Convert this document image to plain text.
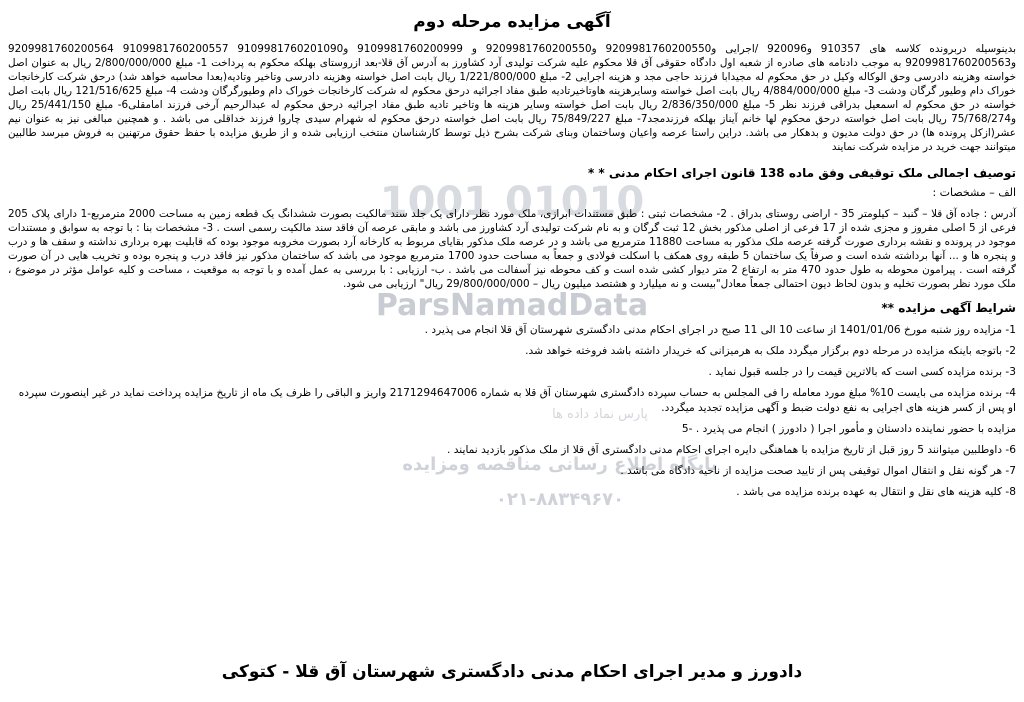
01010 1001
ParsNamadData
پارس نماد داده ها
پایگاه اطلاع رسانی مناقصه ومزایده
۰۲۱-۸۸۳۴۹۶۷۰
آگهی مزایده مرحله دوم

بدینوسیله دربرونده کلاسه های 910357 و920096 /اجرایی و9209981760200550 و9209981760200550 و 9109981760200999 و9109981760201090 9109981760200557 9209981760200564 و9209981760200563 به موجب دادنامه های صادره از شعبه اول دادگاه حقوقی آق قلا محکوم علیه شرکت تولیدی آرد کشاورز به آدرس آق قلا-بعد ازروستای بهلکه محکوم به پرداخت 1- مبلغ 2/800/000/000 ریال به عنوان اصل خواسته وهزینه دادرسی وحق الوکاله وکیل در حق محکوم له مجیدابا فرزند حاجی مجد و هزینه اجرایی 2- مبلغ 1/221/800/000 ریال بابت اصل خواسته وهزینه دادرسی وتاخیر وتادیه(بعدا محاسبه خواهد شد) درحق شرکت کارخانجات خوراک دام وطیور گرگان ودشت 3- مبلغ 4/884/000/000 ریال بابت اصل خواسته وسایرهزینه هاوتاخیرتادیه طبق مفاد اجرائیه درحق محکوم له شرکت کارخانجات خوراک دام وطیورگرگان ودشت 4- مبلغ 121/516/625 ریال بابت اصل خواسته در حق محکوم له اسمعیل بدراقی فرزند نظر 5- مبلغ 2/836/350/000 ریال بابت اصل خواسته وسایر هزینه ها وتاخیر تادیه طبق مفاد اجرائیه درحق محکوم له عبدالرحیم آرخی فرزند امامقلی6- مبلغ 25/441/150 ریال و75/768/274 ریال بابت اصل خواسته درحق محکوم لها خانم آیناز بهلکه فرزندمجد7- مبلغ 75/849/227 ریال بابت اصل خواسته درحق محکوم له شهرام سیدی چاروا فرزند خداقلی می باشد . و همچنین مبالغی نیز به عنوان نیم عشر(ازکل پرونده ها) در حق دولت مدیون و بدهکار می باشد. دراین راستا عرصه واعیان وساختمان وبنای شرکت بشرح ذیل توسط کارشناسان منتخب ارزیابی شده و از طریق مزایده با حفظ حقوق مرتهنین به فروش میرسد طالبین میتوانند جهت خرید در مزایده شرکت نمایند

توصیف اجمالی ملک توقیفی وفق ماده 138 قانون اجرای احکام مدنی * *
الف – مشخصات :

آدرس : جاده آق قلا – گنبد – کیلومتر 35 - اراضی روستای بدراق . 2- مشخصات ثبتی : طبق مستندات ابرازی، ملک مورد نظر دارای یک جلد سند مالکیت بصورت ششدانگ یک قطعه زمین به مساحت 2000 مترمربع-1 دارای پلاک 205 فرعی از 5 اصلی مفروز و مجزی شده از 17 فرعی از اصلی مذکور بخش 12 ثبت گرگان و به نام شرکت تولیدی آرد کشاورز می باشد و مابقی عرصه آن فاقد سند مالکیت رسمی است . 3- مشخصات بنا : با توجه به سوابق و مستندات موجود در پرونده و نقشه برداری صورت گرفته عرصه ملک مذکور به مساحت 11880 مترمربع می باشد و در عرصه ملک مذکور بقایای مربوط به کارخانه آرد بصورت مخروبه موجود بوده که قابلیت بهره برداری نداشته و سقف ها و درب و پنجره ها و ... آنها برداشته شده است و صرفاً یک ساختمان 5 طبقه روی همکف با اسکلت فولادی و جمعاً به مساحت حدود 1700 مترمربع موجود می باشد که ساختمان مذکور نیز فاقد درب و پنجره بوده و تخریب هایی در آن صورت گرفته است . پیرامون محوطه به طول حدود 470 متر به ارتفاع 2 متر دیوار کشی شده است و کف محوطه نیز آسفالت می باشد . ب- ارزیابی : با بررسی به عمل آمده و با توجه به موقعیت ، مساحت و کلیه عوامل مؤثر در موضوع ، ملک مورد نظر بصورت تخلیه و بدون لحاظ دیون احتمالی جمعاً معادل"بیست و نه میلیارد و هشتصد میلیون ریال – 29/800/000/000 ریال" ارزیابی می شود.

شرایط آگهی مزایده **

1- مزایده روز شنبه مورخ 1401/01/06 از ساعت 10 الی 11 صبح در اجرای احکام مدنی دادگستری شهرستان آق قلا انجام می پذیرد .

2- باتوجه باینکه مزایده در مرحله دوم برگزار میگردد ملک به هرمیزانی که خریدار داشته باشد فروخته خواهد شد.

3- برنده مزایده کسی است که بالاترین قیمت را در جلسه قبول نماید .

4- برنده مزایده می بایست 10% مبلغ مورد معامله را فی المجلس به حساب سپرده دادگستری شهرستان آق قلا به شماره 2171294647006 واریز و الباقی را ظرف یک ماه از تاریخ مزایده پرداخت نماید در غیر اینصورت سپرده او پس از کسر هزینه های اجرایی به نفع دولت ضبط و آگهی مزایده تجدید میگردد.

مزایده با حضور نماینده دادستان و مأمور اجرا ( دادورز ) انجام می پذیرد . -5

6- داوطلبین میتوانند 5 روز قبل از تاریخ مزایده با هماهنگی دایره اجرای احکام مدنی دادگستری آق قلا از ملک مذکور بازدید نمایند .

7- هر گونه نقل و انتقال اموال توقیفی پس از تایید صحت مزایده از ناحیه دادگاه می باشد .

8- کلیه هزینه های نقل و انتقال به عهده برنده مزایده می باشد .

دادورز و مدیر اجرای احکام مدنی دادگستری شهرستان آق قلا - کتوکی
